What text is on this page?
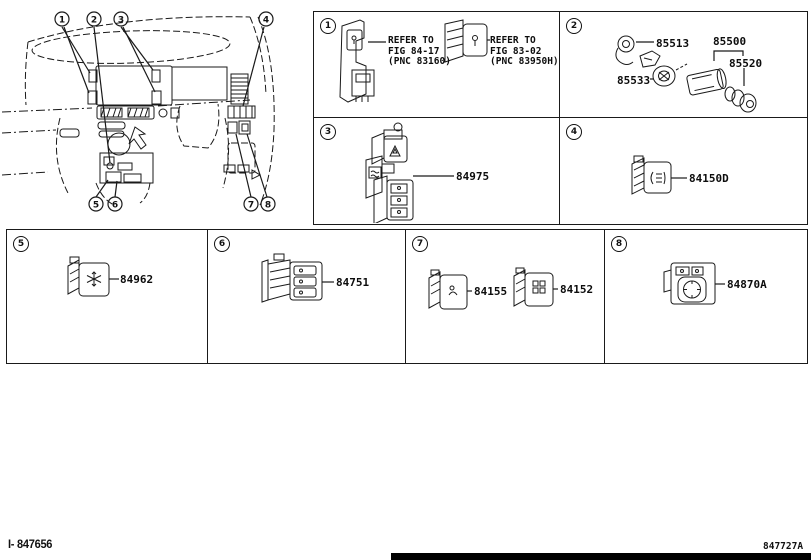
1	2 3	4
5 6	7 8
1
REFER TO
FIG 84-17
(PNC 83160)
REFER TO
FIG 83-02
(PNC 83950H)
2
85513 85500
85520
85533
3
84975
4
84150D
5
84962
6
84751
7
84155	84152
8
84870A
I- 847656	847727A
